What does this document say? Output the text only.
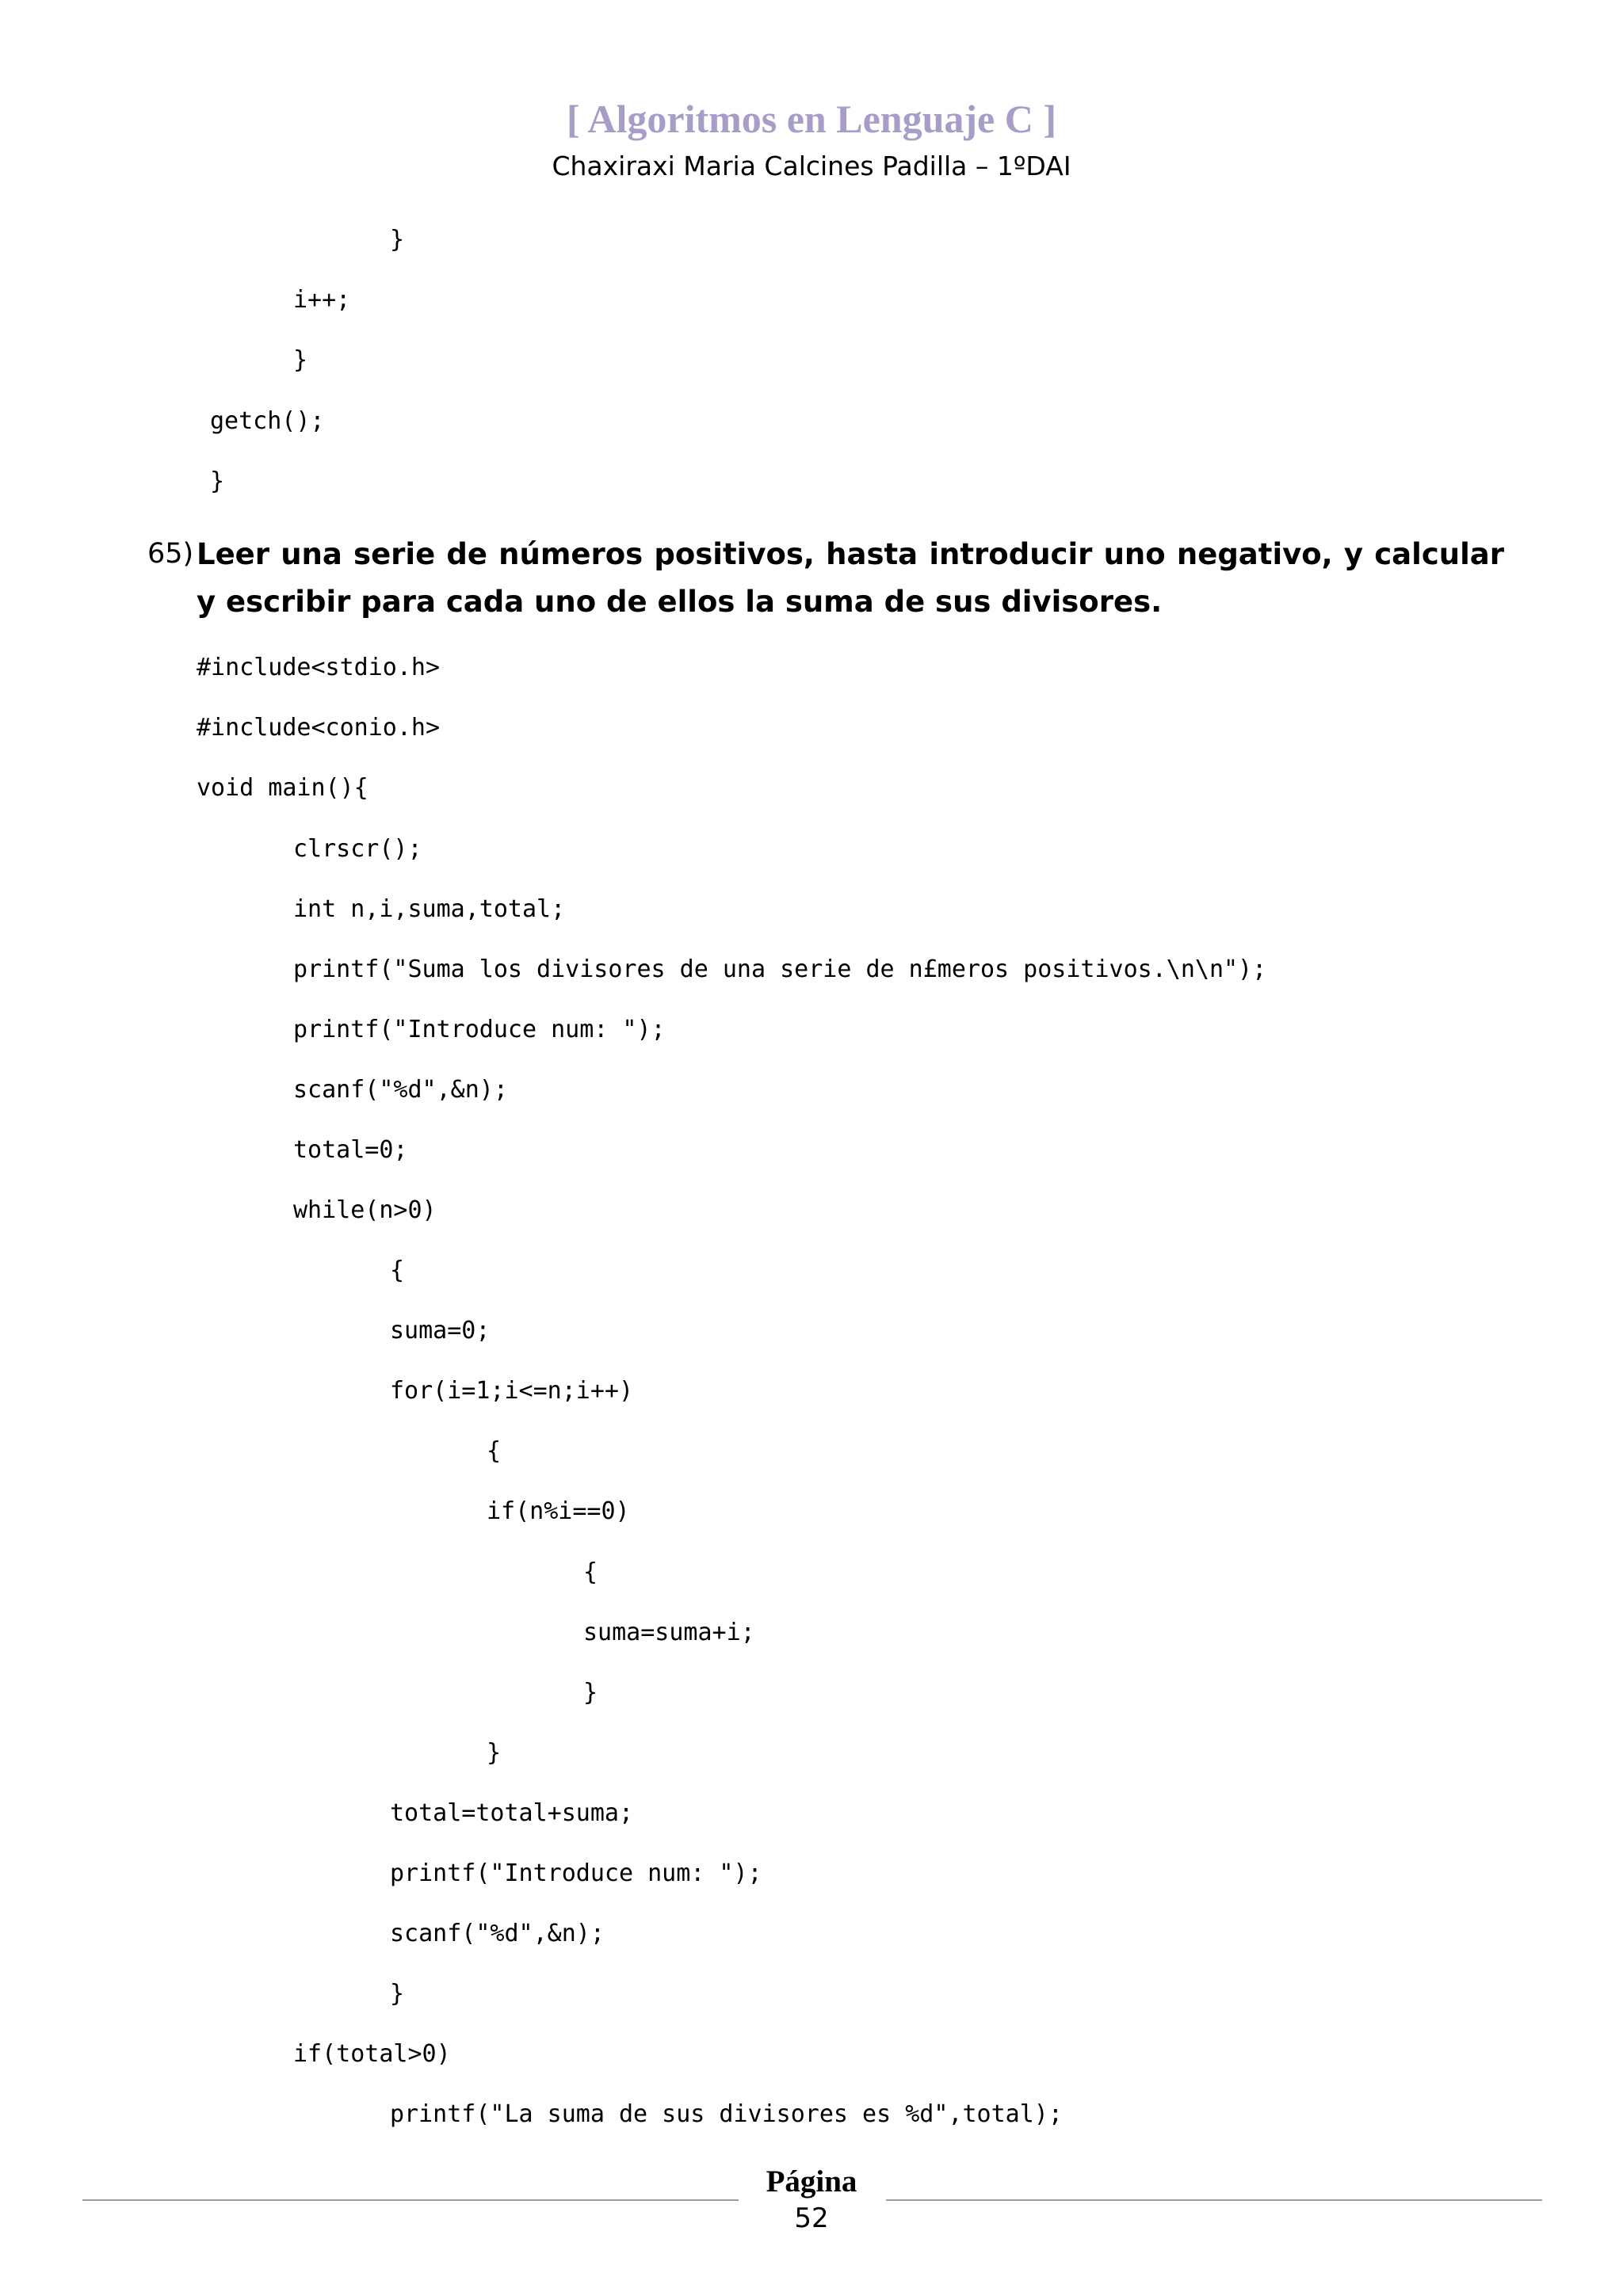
[ Algoritmos en Lenguaje C ]
Chaxiraxi Maria Calcines Padilla – 1ºDAI
}
i++;
}
getch();
}
65) Leer una serie de números positivos, hasta introducir uno negativo, y calcular y escribir para cada uno de ellos la suma de sus divisores.
#include<stdio.h>
#include<conio.h>
void main(){
clrscr();
int n,i,suma,total;
printf("Suma los divisores de una serie de n£meros positivos.\n\n");
printf("Introduce num: ");
scanf("%d",&n);
total=0;
while(n>0)
{
suma=0;
for(i=1;i<=n;i++)
{
if(n%i==0)
{
suma=suma+i;
}
}
total=total+suma;
printf("Introduce num: ");
scanf("%d",&n);
}
if(total>0)
printf("La suma de sus divisores es %d",total);
Página
52
